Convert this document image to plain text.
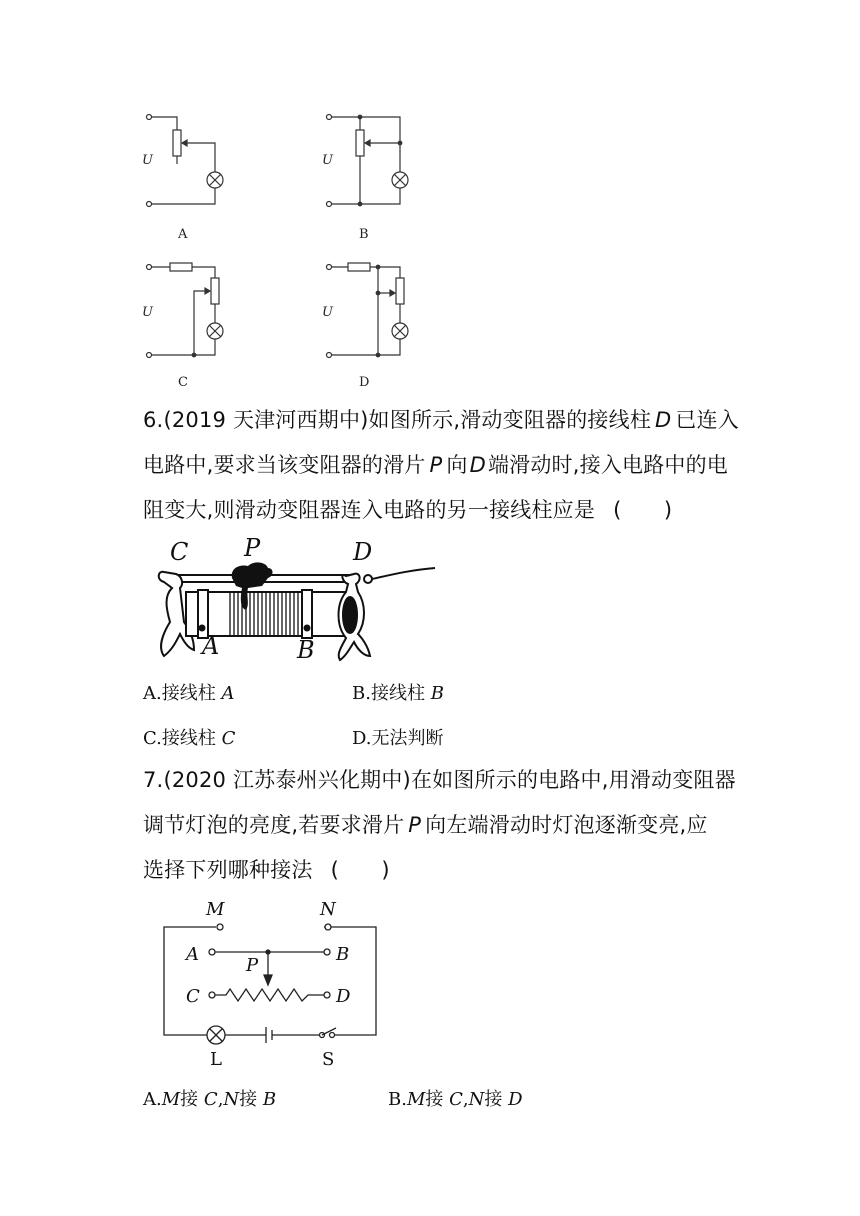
U	U
U	U
A	B
C	D
6.(2019 天津河西期中)如图所示,滑动变阻器的接线柱 D 已连入
电路中,要求当该变阻器的滑片 P 向D端滑动时,接入电路中的电
阻变大,则滑动变阻器连入电路的另一接线柱应是 (　　)
C P	D
A	B
A.接线柱 A	B.接线柱 B
C.接线柱 C	D.无法判断
7.(2020 江苏泰州兴化期中)在如图所示的电路中,用滑动变阻器
调节灯泡的亮度,若要求滑片 P 向左端滑动时灯泡逐渐变亮,应
选择下列哪种接法 (　　)
M	N
A	B
P
C	D
L	S
A.M接 C,N接 B	B.M接 C,N接 D
